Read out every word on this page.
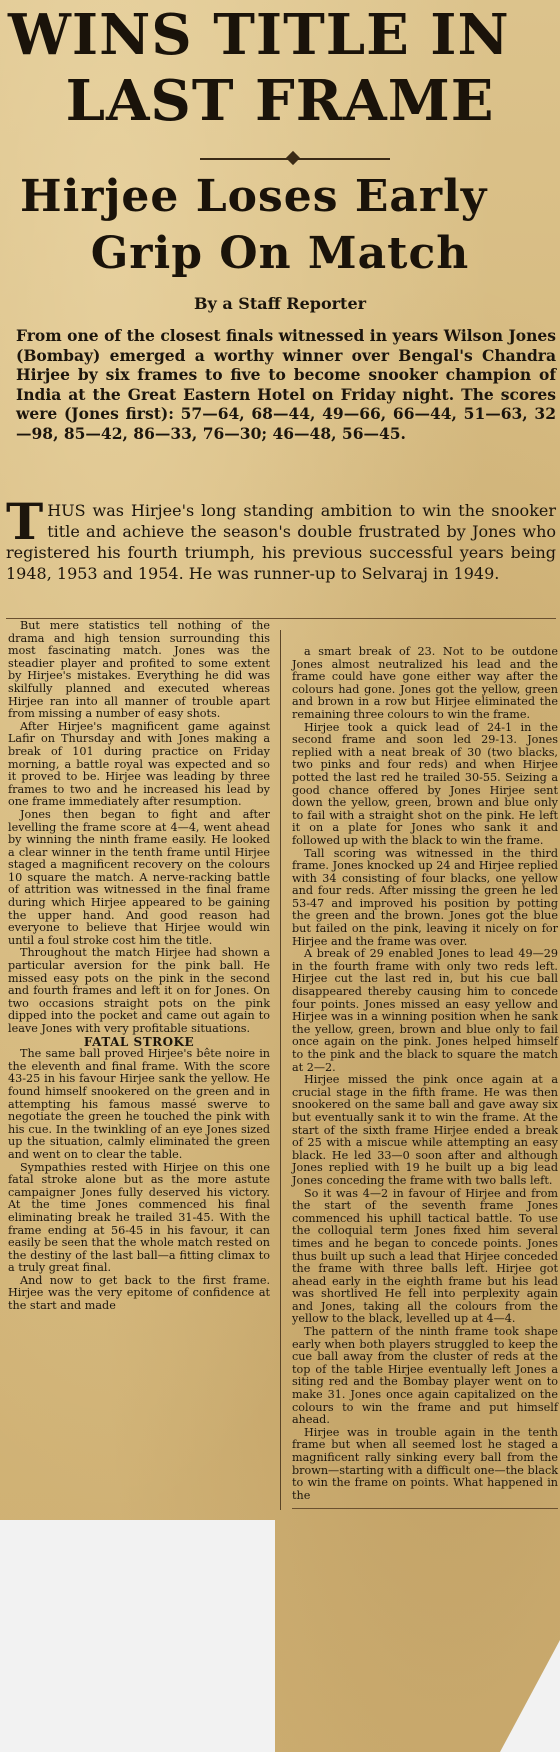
WINS TITLE IN
LAST FRAME
Hirjee Loses Early
Grip On Match
By a Staff Reporter
From one of the closest finals witnessed in years Wilson Jones (Bombay) emerged a worthy winner over Bengal's Chandra Hirjee by six frames to five to become snooker champion of India at the Great Eastern Hotel on Friday night. The scores were (Jones first): 57—64, 68—44, 49—66, 66—44, 51—63, 32—98, 85—42, 86—33, 76—30; 46—48, 56—45.
THUS was Hirjee's long standing ambition to win the snooker title and achieve the season's double frustrated by Jones who registered his fourth triumph, his previous successful years being 1948, 1953 and 1954. He was runner-up to Selvaraj in 1949.

But mere statistics tell nothing of the drama and high tension surrounding this most fascinating match. Jones was the steadier player and profited to some extent by Hirjee's mistakes. Everything he did was skilfully planned and executed whereas Hirjee ran into all manner of trouble apart from missing a number of easy shots.

After Hirjee's magnificent game against Lafir on Thursday and with Jones making a break of 101 during practice on Friday morning, a battle royal was expected and so it proved to be. Hirjee was leading by three frames to two and he increased his lead by one frame immediately after resumption.

Jones then began to fight and after levelling the frame score at 4—4, went ahead by winning the ninth frame easily. He looked a clear winner in the tenth frame until Hirjee staged a magnificent recovery on the colours 10 square the match. A nerve-racking battle of attrition was witnessed in the final frame during which Hirjee appeared to be gaining the upper hand. And good reason had everyone to believe that Hirjee would win until a foul stroke cost him the title.

Throughout the match Hirjee had shown a particular aversion for the pink ball. He missed easy pots on the pink in the second and fourth frames and left it on for Jones. On two occasions straight pots on the pink dipped into the pocket and came out again to leave Jones with very profitable situations.

FATAL STROKE

The same ball proved Hirjee's bête noire in the eleventh and final frame. With the score 43-25 in his favour Hirjee sank the yellow. He found himself snookered on the green and in attempting his famous massé swerve to negotiate the green he touched the pink with his cue. In the twinkling of an eye Jones sized up the situation, calmly eliminated the green and went on to clear the table.

Sympathies rested with Hirjee on this one fatal stroke alone but as the more astute campaigner Jones fully deserved his victory. At the time Jones commenced his final eliminating break he trailed 31-45. With the frame ending at 56-45 in his favour, it can easily be seen that the whole match rested on the destiny of the last ball—a fitting climax to a truly great final.

And now to get back to the first frame. Hirjee was the very epitome of confidence at the start and made

a smart break of 23. Not to be outdone Jones almost neutralized his lead and the frame could have gone either way after the colours had gone. Jones got the yellow, green and brown in a row but Hirjee eliminated the remaining three colours to win the frame.

Hirjee took a quick lead of 24-1 in the second frame and soon led 29-13. Jones replied with a neat break of 30 (two blacks, two pinks and four reds) and when Hirjee potted the last red he trailed 30-55. Seizing a good chance offered by Jones Hirjee sent down the yellow, green, brown and blue only to fail with a straight shot on the pink. He left it on a plate for Jones who sank it and followed up with the black to win the frame.

Tall scoring was witnessed in the third frame. Jones knocked up 24 and Hirjee replied with 34 consisting of four blacks, one yellow and four reds. After missing the green he led 53-47 and improved his position by potting the green and the brown. Jones got the blue but failed on the pink, leaving it nicely on for Hirjee and the frame was over.

A break of 29 enabled Jones to lead 49—29 in the fourth frame with only two reds left. Hirjee cut the last red in, but his cue ball disappeared thereby causing him to concede four points. Jones missed an easy yellow and Hirjee was in a winning position when he sank the yellow, green, brown and blue only to fail once again on the pink. Jones helped himself to the pink and the black to square the match at 2—2.

Hirjee missed the pink once again at a crucial stage in the fifth frame. He was then snookered on the same ball and gave away six but eventually sank it to win the frame. At the start of the sixth frame Hirjee ended a break of 25 with a miscue while attempting an easy black. He led 33—0 soon after and although Jones replied with 19 he built up a big lead Jones conceding the frame with two balls left.

So it was 4—2 in favour of Hirjee and from the start of the seventh frame Jones commenced his uphill tactical battle. To use the colloquial term Jones fixed him several times and he began to concede points. Jones thus built up such a lead that Hirjee conceded the frame with three balls left. Hirjee got ahead early in the eighth frame but his lead was shortlived He fell into perplexity again and Jones, taking all the colours from the yellow to the black, levelled up at 4—4.

The pattern of the ninth frame took shape early when both players struggled to keep the cue ball away from the cluster of reds at the top of the table Hirjee eventually left Jones a siting red and the Bombay player went on to make 31. Jones once again capitalized on the colours to win the frame and put himself ahead.

Hirjee was in trouble again in the tenth frame but when all seemed lost he staged a magnificent rally sinking every ball from the brown—starting with a difficult one—the black to win the frame on points. What happened in the
